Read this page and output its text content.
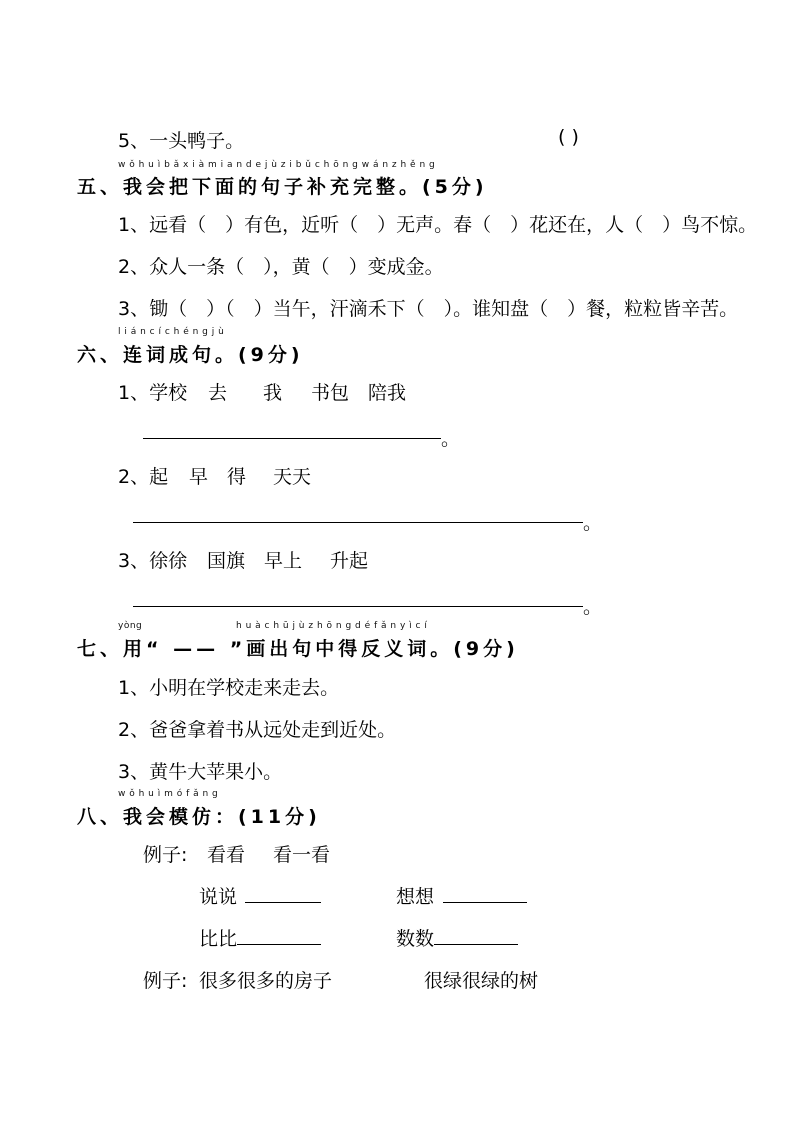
5、一头鸭子。	( )
w ǒ h u ì b ǎ x i à m i a n d e j ù z i b ǔ c h ō n g w á n z h ě n g
五、我会把下面的句子补充完整。(5分)
1、远看（　）有色，近听（　）无声。春（　）花还在，人（　）鸟不惊。
2、众人一条（　），黄（　）变成金。
3、锄（　）（　）当午，汗滴禾下（　）。谁知盘（　）餐，粒粒皆辛苦。
l i á n c í c h é n g j ù
六、连词成句。(9分)
1、学校 去 我 书包 陪我
。
2、起 早 得 天天
。
3、徐徐 国旗 早上 升起
。
yòng	h u à c h ū j ù z h ō n g d é f ǎ n y ì c í
七、用“ —— ”画出句中得反义词。(9分)
1、小明在学校走来走去。
2、爸爸拿着书从远处走到近处。
3、黄牛大苹果小。
w ǒ h u ì m ó f ǎ n g
八、我会模仿：(11分)
例子: 看看 看一看
说说	想想
比比	数数
例子: 很多很多的房子	很绿很绿的树
